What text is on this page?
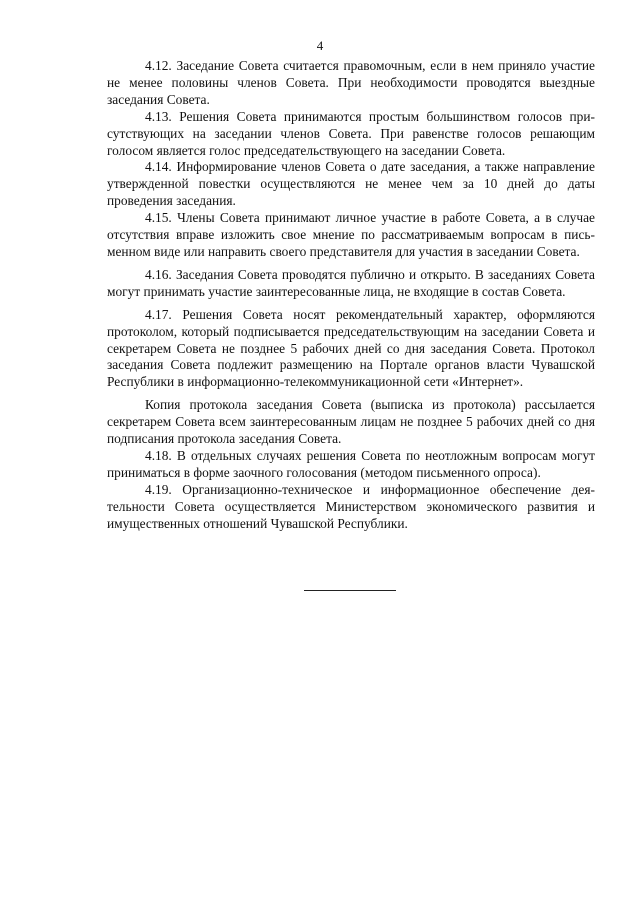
4

4.12. Заседание Совета считается правомочным, если в нем приняло участие не менее половины членов Совета. При необходимости проводятся выездные заседания Совета.

4.13. Решения Совета принимаются простым большинством голосов присутствующих на заседании членов Совета. При равенстве голосов решающим голосом является голос председательствующего на заседании Совета.

4.14. Информирование членов Совета о дате заседания, а также направление утвержденной повестки осуществляются не менее чем за 10 дней до даты проведения заседания.

4.15. Члены Совета принимают личное участие в работе Совета, а в случае отсутствия вправе изложить свое мнение по рассматриваемым вопросам в письменном виде или направить своего представителя для участия в заседании Совета.

4.16. Заседания Совета проводятся публично и открыто. В заседаниях Совета могут принимать участие заинтересованные лица, не входящие в состав Совета.

4.17. Решения Совета носят рекомендательный характер, оформляются протоколом, который подписывается председательствующим на заседании Совета и секретарем Совета не позднее 5 рабочих дней со дня заседания Совета. Протокол заседания Совета подлежит размещению на Портале органов власти Чувашской Республики в информационно-телекоммуникационной сети «Интернет».

Копия протокола заседания Совета (выписка из протокола) рассылается секретарем Совета всем заинтересованным лицам не позднее 5 рабочих дней со дня подписания протокола заседания Совета.

4.18. В отдельных случаях решения Совета по неотложным вопросам могут приниматься в форме заочного голосования (методом письменного опроса).

4.19. Организационно-техническое и информационное обеспечение деятельности Совета осуществляется Министерством экономического развития и имущественных отношений Чувашской Республики.
